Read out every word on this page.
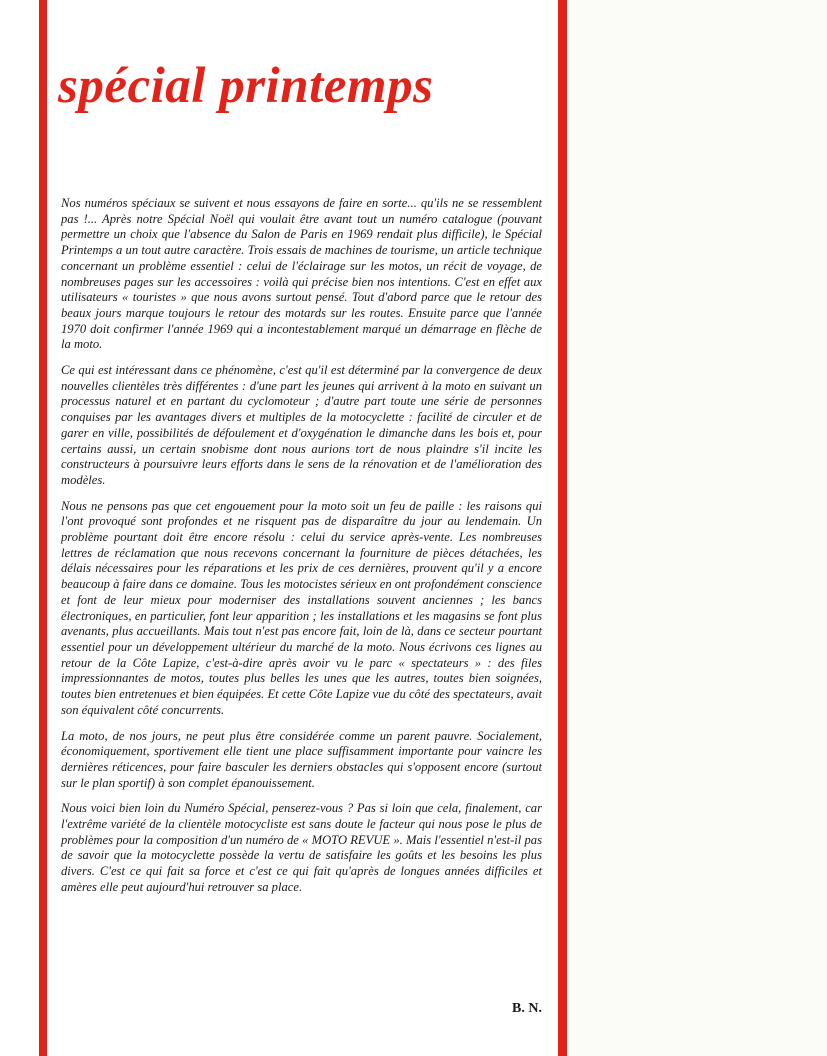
spécial printemps

Nos numéros spéciaux se suivent et nous essayons de faire en sorte... qu'ils ne se ressemblent pas !... Après notre Spécial Noël qui voulait être avant tout un numéro catalogue (pouvant permettre un choix que l'absence du Salon de Paris en 1969 rendait plus difficile), le Spécial Printemps a un tout autre caractère. Trois essais de machines de tourisme, un article technique concernant un problème essentiel : celui de l'éclairage sur les motos, un récit de voyage, de nombreuses pages sur les accessoires : voilà qui précise bien nos intentions. C'est en effet aux utilisateurs « touristes » que nous avons surtout pensé. Tout d'abord parce que le retour des beaux jours marque toujours le retour des motards sur les routes. Ensuite parce que l'année 1970 doit confirmer l'année 1969 qui a incontestablement marqué un démarrage en flèche de la moto.

Ce qui est intéressant dans ce phénomène, c'est qu'il est déterminé par la convergence de deux nouvelles clientèles très différentes : d'une part les jeunes qui arrivent à la moto en suivant un processus naturel et en partant du cyclomoteur ; d'autre part toute une série de personnes conquises par les avantages divers et multiples de la motocyclette : facilité de circuler et de garer en ville, possibilités de défoulement et d'oxygénation le dimanche dans les bois et, pour certains aussi, un certain snobisme dont nous aurions tort de nous plaindre s'il incite les constructeurs à poursuivre leurs efforts dans le sens de la rénovation et de l'amélioration des modèles.

Nous ne pensons pas que cet engouement pour la moto soit un feu de paille : les raisons qui l'ont provoqué sont profondes et ne risquent pas de disparaître du jour au lendemain. Un problème pourtant doit être encore résolu : celui du service après-vente. Les nombreuses lettres de réclamation que nous recevons concernant la fourniture de pièces détachées, les délais nécessaires pour les réparations et les prix de ces dernières, prouvent qu'il y a encore beaucoup à faire dans ce domaine. Tous les motocistes sérieux en ont profondément conscience et font de leur mieux pour moderniser des installations souvent anciennes ; les bancs électroniques, en particulier, font leur apparition ; les installations et les magasins se font plus avenants, plus accueillants. Mais tout n'est pas encore fait, loin de là, dans ce secteur pourtant essentiel pour un développement ultérieur du marché de la moto. Nous écrivons ces lignes au retour de la Côte Lapize, c'est-à-dire après avoir vu le parc « spectateurs » : des files impressionnantes de motos, toutes plus belles les unes que les autres, toutes bien soignées, toutes bien entretenues et bien équipées. Et cette Côte Lapize vue du côté des spectateurs, avait son équivalent côté concurrents.

La moto, de nos jours, ne peut plus être considérée comme un parent pauvre. Socialement, économiquement, sportivement elle tient une place suffisamment importante pour vaincre les dernières réticences, pour faire basculer les derniers obstacles qui s'opposent encore (surtout sur le plan sportif) à son complet épanouissement.

Nous voici bien loin du Numéro Spécial, penserez-vous ? Pas si loin que cela, finalement, car l'extrême variété de la clientèle motocycliste est sans doute le facteur qui nous pose le plus de problèmes pour la composition d'un numéro de « MOTO REVUE ». Mais l'essentiel n'est-il pas de savoir que la motocyclette possède la vertu de satisfaire les goûts et les besoins les plus divers. C'est ce qui fait sa force et c'est ce qui fait qu'après de longues années difficiles et amères elle peut aujourd'hui retrouver sa place.

B. N.
